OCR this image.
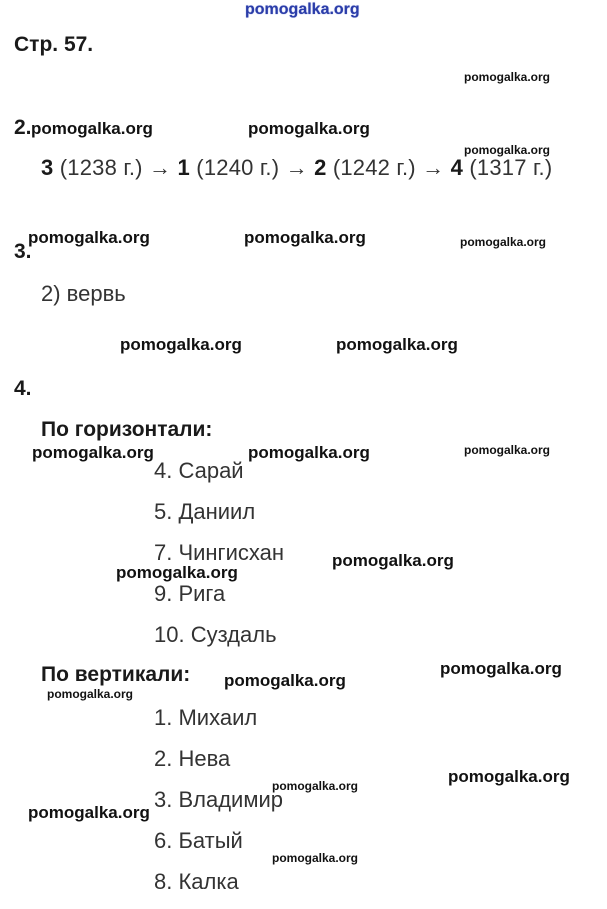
pomogalka.org
Стр. 57.
2.
3 (1238 г.) → 1 (1240 г.) → 2 (1242 г.) → 4 (1317 г.)
3.
2) вервь
4.
По горизонтали:
4. Сарай
5. Даниил
7. Чингисхан
9. Рига
10. Суздаль
По вертикали:
1. Михаил
2. Нева
3. Владимир
6. Батый
8. Калка
pomogalka.org
pomogalka.org	pomogalka.org
pomogalka.org
pomogalka.org	pomogalka.org	pomogalka.org
pomogalka.org	pomogalka.org
pomogalka.org	pomogalka.org	pomogalka.org
pomogalka.org
pomogalka.org
pomogalka.org
pomogalka.org
pomogalka.org
pomogalka.org
pomogalka.org
pomogalka.org
pomogalka.org
